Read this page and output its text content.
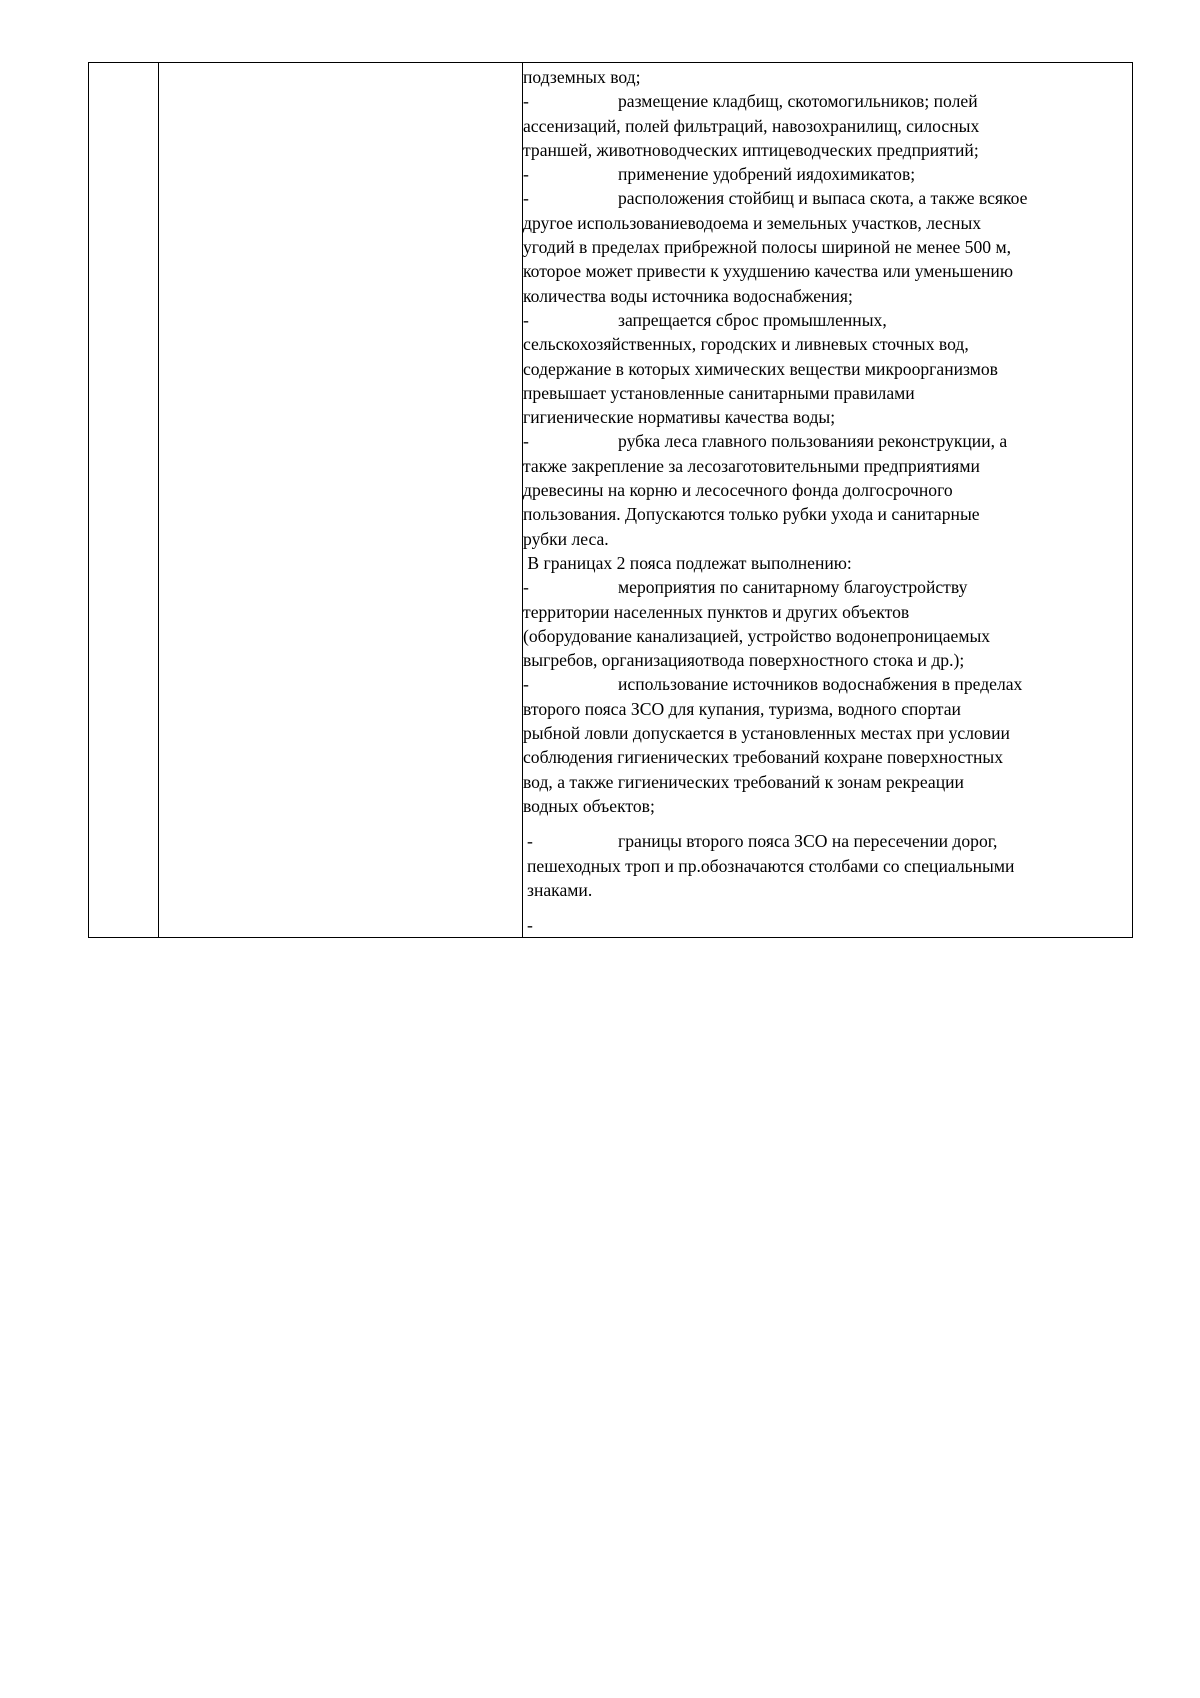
подземных вод;
-	размещение кладбищ, скотомогильников; полей
ассенизаций, полей фильтраций, навозохранилищ, силосных
траншей, животноводческих иптицеводческих предприятий;
-	применение удобрений иядохимикатов;
-	расположения стойбищ и выпаса скота, а также всякое
другое использованиеводоема и земельных участков, лесных
угодий в пределах прибрежной полосы шириной не менее 500 м,
которое может привести к ухудшению качества или уменьшению
количества воды источника водоснабжения;
-	запрещается сброс промышленных,
сельскохозяйственных, городских и ливневых сточных вод,
содержание в которых химических веществи микроорганизмов
превышает установленные санитарными правилами
гигиенические нормативы качества воды;
-	рубка леса главного пользованияи реконструкции, а
также закрепление за лесозаготовительными предприятиями
древесины на корню и лесосечного фонда долгосрочного
пользования. Допускаются только рубки ухода и санитарные
рубки леса.
В границах 2 пояса подлежат выполнению:
-	мероприятия по санитарному благоустройству
территории населенных пунктов и других объектов
(оборудование канализацией, устройство водонепроницаемых
выгребов, организацияотвода поверхностного стока и др.);
-	использование источников водоснабжения в пределах
второго пояса ЗСО для купания, туризма, водного спортаи
рыбной ловли допускается в установленных местах при условии
соблюдения гигиенических требований кохране поверхностных
вод, а также гигиенических требований к зонам рекреации
водных объектов;
-	границы второго пояса ЗСО на пересечении дорог,
пешеходных троп и пр.обозначаются столбами со специальными
знаками.
-
